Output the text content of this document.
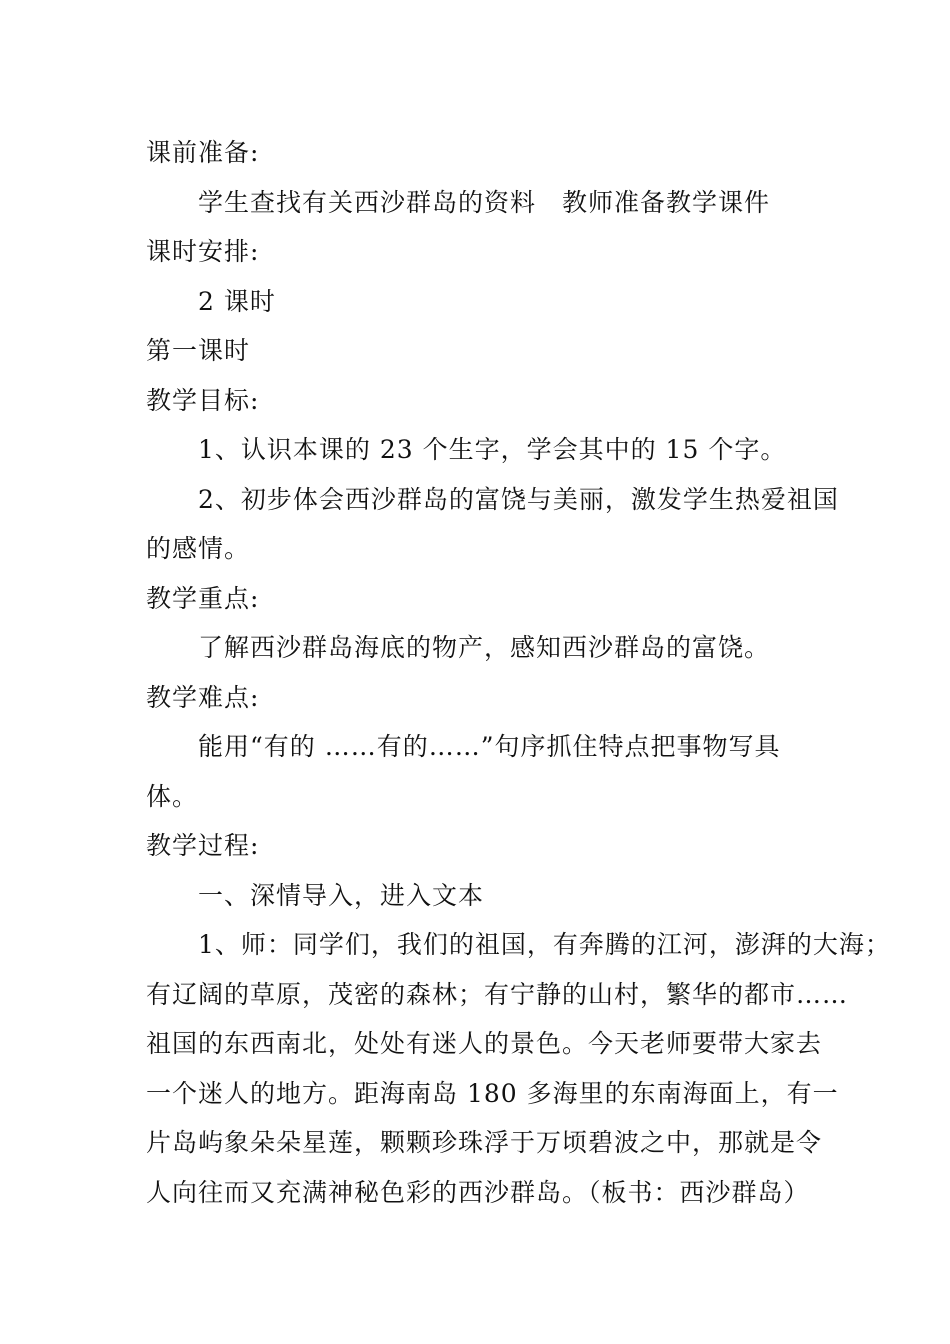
课前准备:

学生查找有关西沙群岛的资料　教师准备教学课件

课时安排:

2 课时

第一课时

教学目标:

1、认识本课的 23 个生字，学会其中的 15 个字。

2、初步体会西沙群岛的富饶与美丽，激发学生热爱祖国

的感情。

教学重点:

了解西沙群岛海底的物产，感知西沙群岛的富饶。

教学难点:

能用“有的 ……有的……”句序抓住特点把事物写具

体。

教学过程:

一、深情导入，进入文本

1、师：同学们，我们的祖国，有奔腾的江河，澎湃的大海；

有辽阔的草原，茂密的森林；有宁静的山村，繁华的都市……

祖国的东西南北，处处有迷人的景色。今天老师要带大家去

一个迷人的地方。距海南岛 180 多海里的东南海面上，有一

片岛屿象朵朵星莲，颗颗珍珠浮于万顷碧波之中，那就是令

人向往而又充满神秘色彩的西沙群岛。（板书：西沙群岛）
